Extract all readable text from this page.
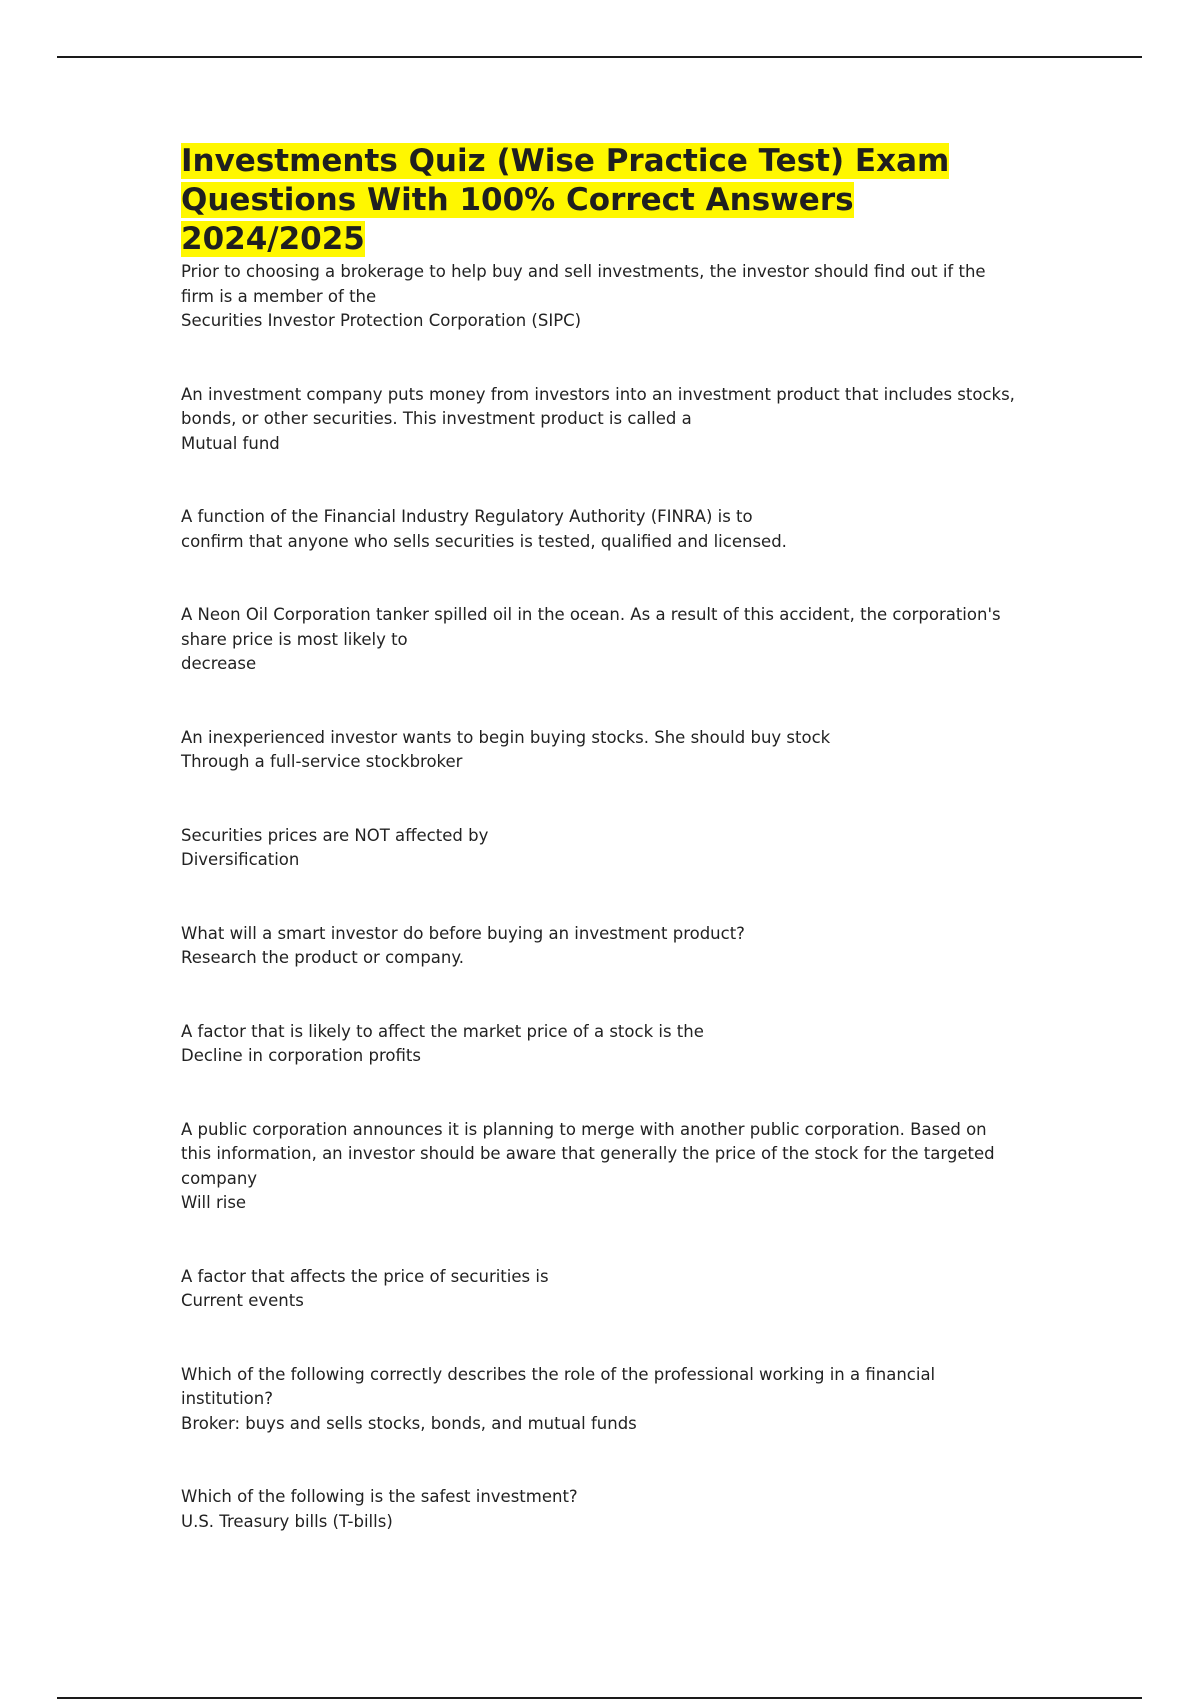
Investments Quiz (Wise Practice Test) Exam Questions With 100% Correct Answers 2024/2025

Prior to choosing a brokerage to help buy and sell investments, the investor should find out if the firm is a member of the

Securities Investor Protection Corporation (SIPC)

An investment company puts money from investors into an investment product that includes stocks, bonds, or other securities. This investment product is called a

Mutual fund

A function of the Financial Industry Regulatory Authority (FINRA) is to

confirm that anyone who sells securities is tested, qualified and licensed.

A Neon Oil Corporation tanker spilled oil in the ocean. As a result of this accident, the corporation's share price is most likely to

decrease

An inexperienced investor wants to begin buying stocks. She should buy stock

Through a full-service stockbroker

Securities prices are NOT affected by

Diversification

What will a smart investor do before buying an investment product?

Research the product or company.

A factor that is likely to affect the market price of a stock is the

Decline in corporation profits

A public corporation announces it is planning to merge with another public corporation. Based on this information, an investor should be aware that generally the price of the stock for the targeted company

Will rise

A factor that affects the price of securities is

Current events

Which of the following correctly describes the role of the professional working in a financial institution?

Broker: buys and sells stocks, bonds, and mutual funds

Which of the following is the safest investment?

U.S. Treasury bills (T-bills)
